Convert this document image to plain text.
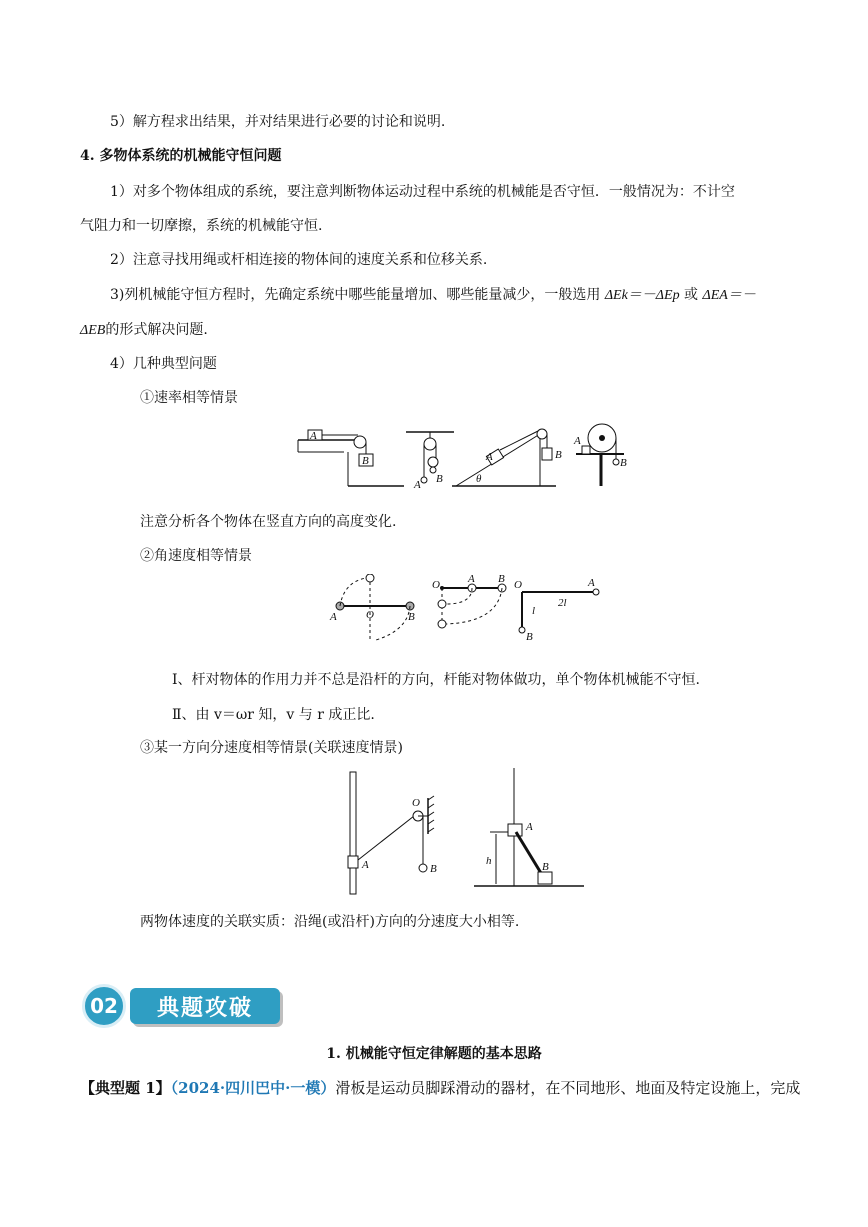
5）解方程求出结果，并对结果进行必要的讨论和说明.
4. 多物体系统的机械能守恒问题
1）对多个物体组成的系统，要注意判断物体运动过程中系统的机械能是否守恒．一般情况为：不计空
气阻力和一切摩擦，系统的机械能守恒.
2）注意寻找用绳或杆相连接的物体间的速度关系和位移关系.
3)列机械能守恒方程时，先确定系统中哪些能量增加、哪些能量减少，一般选用 ΔEk＝－ΔEp 或 ΔEA＝－
ΔEB的形式解决问题.
4）几种典型问题
①速率相等情景
A
B
A B
A	B
θ
A
B
注意分析各个物体在竖直方向的高度变化.
②角速度相等情景
A	O	B
O	A B O	A
B
l
2l
Ⅰ、杆对物体的作用力并不总是沿杆的方向，杆能对物体做功，单个物体机械能不守恒.
Ⅱ、由 v＝ωr 知，v 与 r 成正比.
③某一方向分速度相等情景(关联速度情景)
A
O
B
A
B
h
两物体速度的关联实质：沿绳(或沿杆)方向的分速度大小相等.
02	典题攻破
1. 机械能守恒定律解题的基本思路
【典型题 1】（2024·四川巴中·一模）滑板是运动员脚踩滑动的器材，在不同地形、地面及特定设施上，完成
